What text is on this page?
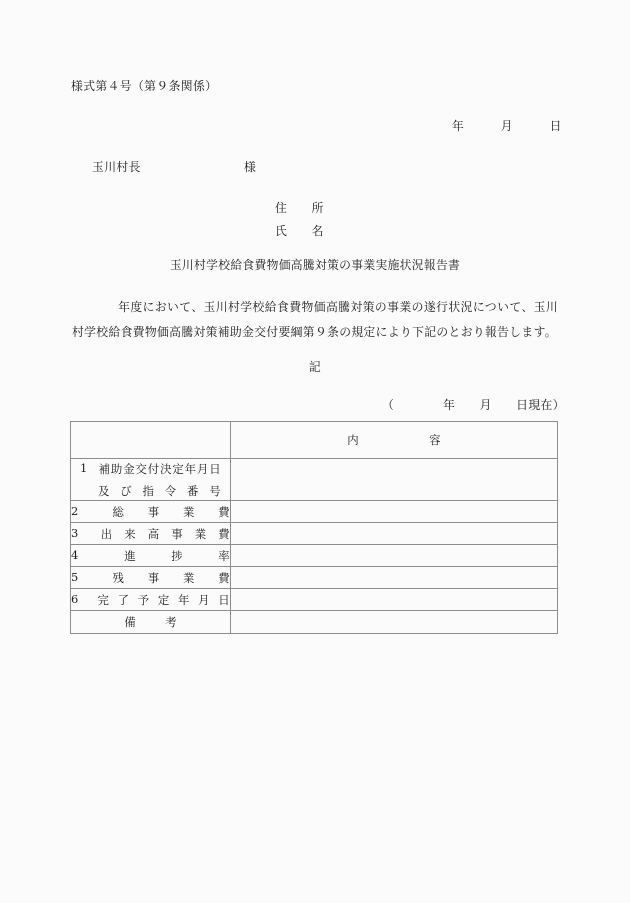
様式第４号（第９条関係）
年　　　月　　　日
玉川村長	様
住　　所
氏　　名
玉川村学校給食費物価高騰対策の事業実施状況報告書
年度において、玉川村学校給食費物価高騰対策の事業の遂行状況について、玉川村学校給食費物価高騰対策補助金交付要綱第９条の規定により下記のとおり報告します。
記
（　　　　年　　月　　日現在）
	内　　　　　　容

1 補 助 金 交 付 決 定 年 月 日
及 び 指 令 番 号

2 総 事 業 費	

3	出 来 高 事 業 費

4 進 捗 率	

5 残 事 業 費	

6	完 了 予 定 年 月 日

備　考	
